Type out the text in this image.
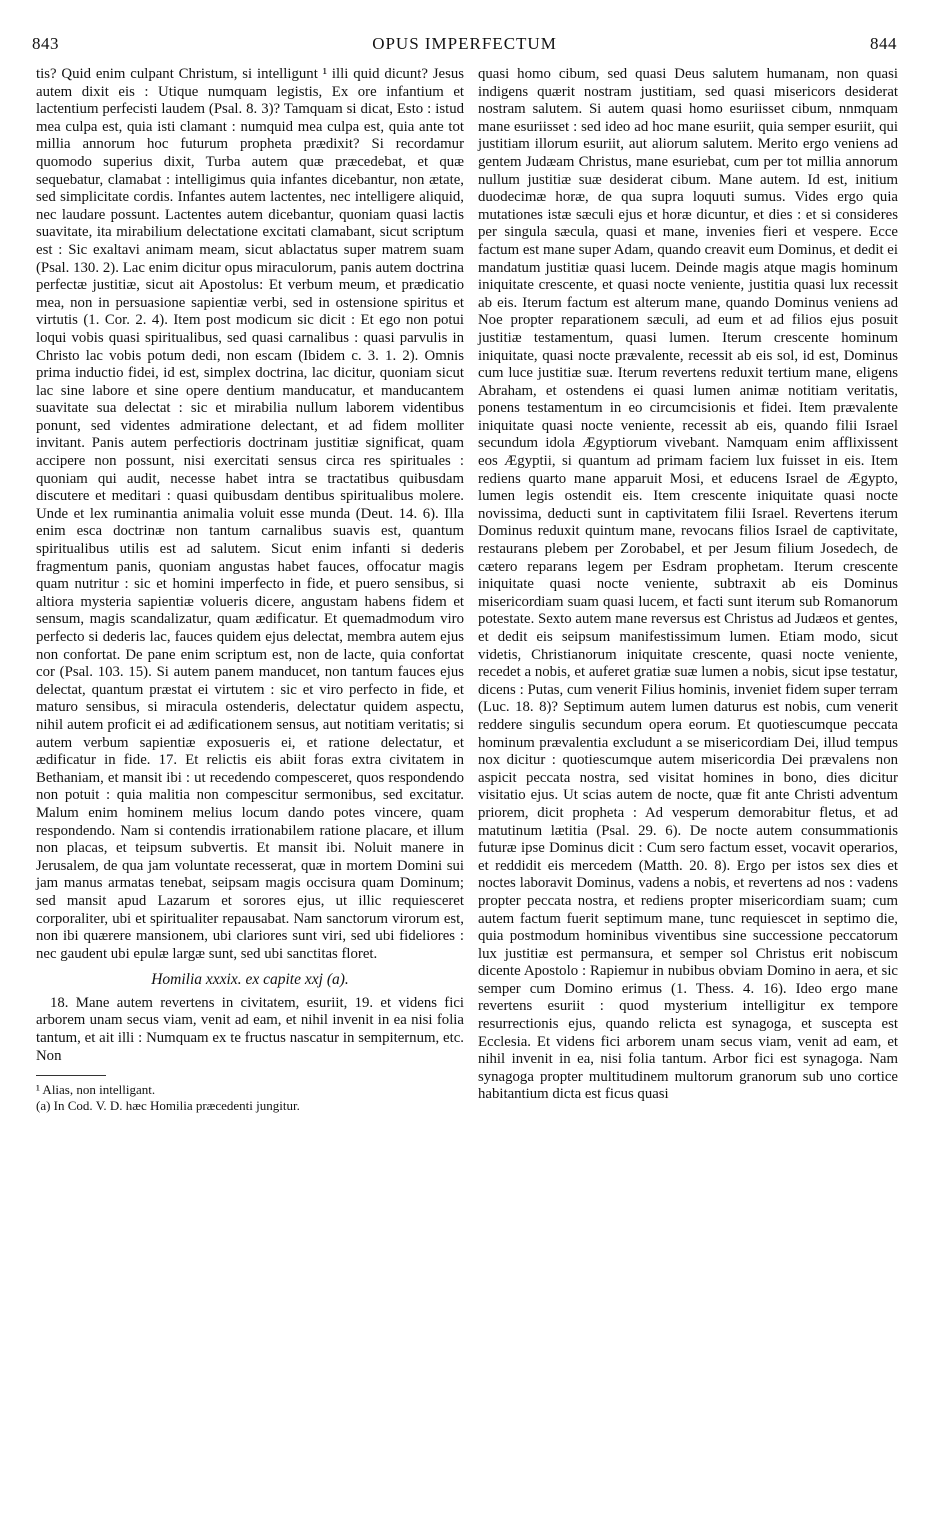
843	OPUS IMPERFECTUM	844

tis? Quid enim culpant Christum, si intelligunt ¹ illi quid dicunt? Jesus autem dixit eis : Utique numquam legistis, Ex ore infantium et lactentium perfecisti laudem (Psal. 8. 3)? Tamquam si dicat, Esto : istud mea culpa est, quia isti clamant : numquid mea culpa est, quia ante tot millia annorum hoc futurum propheta prædixit? Si recordamur quomodo superius dixit, Turba autem quæ præcedebat, et quæ sequebatur, clamabat : intelligimus quia infantes dicebantur, non ætate, sed simplicitate cordis. Infantes autem lactentes, nec intelligere aliquid, nec laudare possunt. Lactentes autem dicebantur, quoniam quasi lactis suavitate, ita mirabilium delectatione excitati clamabant, sicut scriptum est : Sic exaltavi animam meam, sicut ablactatus super matrem suam (Psal. 130. 2). Lac enim dicitur opus miraculorum, panis autem doctrina perfectæ justitiæ, sicut ait Apostolus: Et verbum meum, et prædicatio mea, non in persuasione sapientiæ verbi, sed in ostensione spiritus et virtutis (1. Cor. 2. 4). Item post modicum sic dicit : Et ego non potui loqui vobis quasi spiritualibus, sed quasi carnalibus : quasi parvulis in Christo lac vobis potum dedi, non escam (Ibidem c. 3. 1. 2). Omnis prima inductio fidei, id est, simplex doctrina, lac dicitur, quoniam sicut lac sine labore et sine opere dentium manducatur, et manducantem suavitate sua delectat : sic et mirabilia nullum laborem videntibus ponunt, sed videntes admiratione delectant, et ad fidem molliter invitant. Panis autem perfectioris doctrinam justitiæ significat, quam accipere non possunt, nisi exercitati sensus circa res spirituales : quoniam qui audit, necesse habet intra se tractatibus quibusdam discutere et meditari : quasi quibusdam dentibus spiritualibus molere. Unde et lex ruminantia animalia voluit esse munda (Deut. 14. 6). Illa enim esca doctrinæ non tantum carnalibus suavis est, quantum spiritualibus utilis est ad salutem. Sicut enim infanti si dederis fragmentum panis, quoniam angustas habet fauces, offocatur magis quam nutritur : sic et homini imperfecto in fide, et puero sensibus, si altiora mysteria sapientiæ volueris dicere, angustam habens fidem et sensum, magis scandalizatur, quam ædificatur. Et quemadmodum viro perfecto si dederis lac, fauces quidem ejus delectat, membra autem ejus non confortat. De pane enim scriptum est, non de lacte, quia confortat cor (Psal. 103. 15). Si autem panem manducet, non tantum fauces ejus delectat, quantum præstat ei virtutem : sic et viro perfecto in fide, et maturo sensibus, si miracula ostenderis, delectatur quidem aspectu, nihil autem proficit ei ad ædificationem sensus, aut notitiam veritatis; si autem verbum sapientiæ exposueris ei, et ratione delectatur, et ædificatur in fide. 17. Et relictis eis abiit foras extra civitatem in Bethaniam, et mansit ibi : ut recedendo compesceret, quos respondendo non potuit : quia malitia non compescitur sermonibus, sed excitatur. Malum enim hominem melius locum dando potes vincere, quam respondendo. Nam si contendis irrationabilem ratione placare, et illum non placas, et teipsum subvertis. Et mansit ibi. Noluit manere in Jerusalem, de qua jam voluntate recesserat, quæ in mortem Domini sui jam manus armatas tenebat, seipsam magis occisura quam Dominum; sed mansit apud Lazarum et sorores ejus, ut illic requiesceret corporaliter, ubi et spiritualiter repausabat. Nam sanctorum virorum est, non ibi quærere mansionem, ubi clariores sunt viri, sed ubi fideliores : nec gaudent ubi epulæ largæ sunt, sed ubi sanctitas floret.

Homilia xxxix. ex capite xxj (a).

18. Mane autem revertens in civitatem, esuriit, 19. et videns fici arborem unam secus viam, venit ad eam, et nihil invenit in ea nisi folia tantum, et ait illi : Numquam ex te fructus nascatur in sempiternum, etc. Non

¹ Alias, non intelligant.

(a) In Cod. V. D. hæc Homilia præcedenti jungitur.

quasi homo cibum, sed quasi Deus salutem humanam, non quasi indigens quærit nostram justitiam, sed quasi misericors desiderat nostram salutem. Si autem quasi homo esuriisset cibum, nnmquam mane esuriisset : sed ideo ad hoc mane esuriit, quia semper esuriit, qui justitiam illorum esuriit, aut aliorum salutem. Merito ergo veniens ad gentem Judæam Christus, mane esuriebat, cum per tot millia annorum nullum justitiæ suæ desiderat cibum. Mane autem. Id est, initium duodecimæ horæ, de qua supra loquuti sumus. Vides ergo quia mutationes istæ sæculi ejus et horæ dicuntur, et dies : et si consideres per singula sæcula, quasi et mane, invenies fieri et vespere. Ecce factum est mane super Adam, quando creavit eum Dominus, et dedit ei mandatum justitiæ quasi lucem. Deinde magis atque magis hominum iniquitate crescente, et quasi nocte veniente, justitia quasi lux recessit ab eis. Iterum factum est alterum mane, quando Dominus veniens ad Noe propter reparationem sæculi, ad eum et ad filios ejus posuit justitiæ testamentum, quasi lumen. Iterum crescente hominum iniquitate, quasi nocte prævalente, recessit ab eis sol, id est, Dominus cum luce justitiæ suæ. Iterum revertens reduxit tertium mane, eligens Abraham, et ostendens ei quasi lumen animæ notitiam veritatis, ponens testamentum in eo circumcisionis et fidei. Item prævalente iniquitate quasi nocte veniente, recessit ab eis, quando filii Israel secundum idola Ægyptiorum vivebant. Namquam enim afflixissent eos Ægyptii, si quantum ad primam faciem lux fuisset in eis. Item rediens quarto mane apparuit Mosi, et educens Israel de Ægypto, lumen legis ostendit eis. Item crescente iniquitate quasi nocte novissima, deducti sunt in captivitatem filii Israel. Revertens iterum Dominus reduxit quintum mane, revocans filios Israel de captivitate, restaurans plebem per Zorobabel, et per Jesum filium Josedech, de cætero reparans legem per Esdram prophetam. Iterum crescente iniquitate quasi nocte veniente, subtraxit ab eis Dominus misericordiam suam quasi lucem, et facti sunt iterum sub Romanorum potestate. Sexto autem mane reversus est Christus ad Judæos et gentes, et dedit eis seipsum manifestissimum lumen. Etiam modo, sicut videtis, Christianorum iniquitate crescente, quasi nocte veniente, recedet a nobis, et auferet gratiæ suæ lumen a nobis, sicut ipse testatur, dicens : Putas, cum venerit Filius hominis, inveniet fidem super terram (Luc. 18. 8)? Septimum autem lumen daturus est nobis, cum venerit reddere singulis secundum opera eorum. Et quotiescumque peccata hominum prævalentia excludunt a se misericordiam Dei, illud tempus nox dicitur : quotiescumque autem misericordia Dei prævalens non aspicit peccata nostra, sed visitat homines in bono, dies dicitur visitatio ejus. Ut scias autem de nocte, quæ fit ante Christi adventum priorem, dicit propheta : Ad vesperum demorabitur fletus, et ad matutinum lætitia (Psal. 29. 6). De nocte autem consummationis futuræ ipse Dominus dicit : Cum sero factum esset, vocavit operarios, et reddidit eis mercedem (Matth. 20. 8). Ergo per istos sex dies et noctes laboravit Dominus, vadens a nobis, et revertens ad nos : vadens propter peccata nostra, et rediens propter misericordiam suam; cum autem factum fuerit septimum mane, tunc requiescet in septimo die, quia postmodum hominibus viventibus sine successione peccatorum lux justitiæ est permansura, et semper sol Christus erit nobiscum dicente Apostolo : Rapiemur in nubibus obviam Domino in aera, et sic semper cum Domino erimus (1. Thess. 4. 16). Ideo ergo mane revertens esuriit : quod mysterium intelligitur ex tempore resurrectionis ejus, quando relicta est synagoga, et suscepta est Ecclesia. Et videns fici arborem unam secus viam, venit ad eam, et nihil invenit in ea, nisi folia tantum. Arbor fici est synagoga. Nam synagoga propter multitudinem multorum granorum sub uno cortice habitantium dicta est ficus quasi
